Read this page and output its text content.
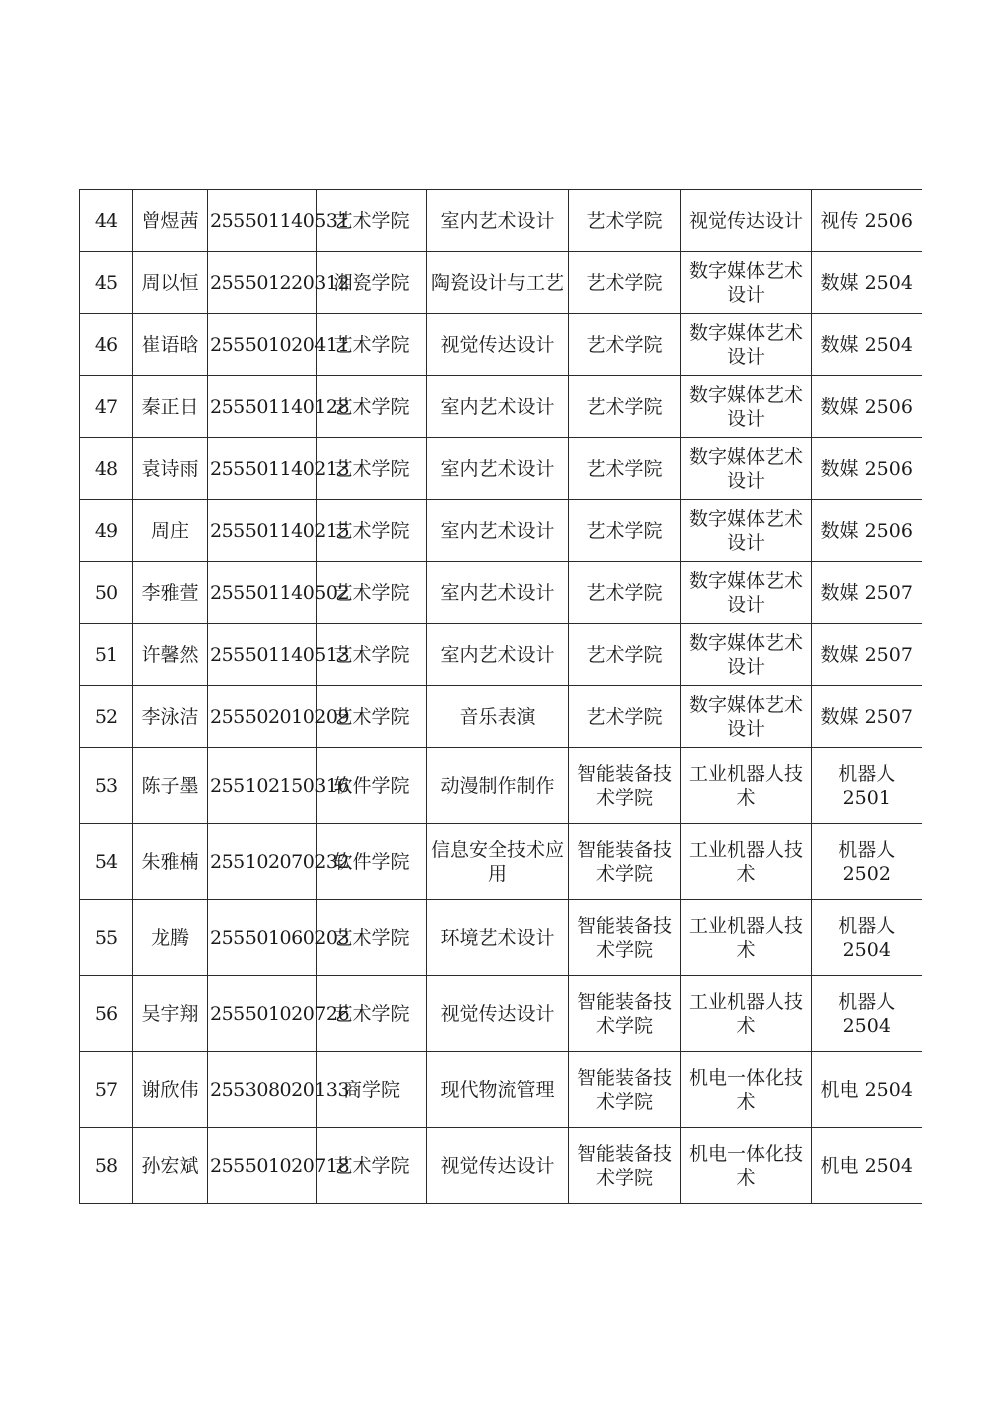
44	曾煜茜	255501140531	艺术学院	室内艺术设计	艺术学院	视觉传达设计	视传 2506
45	周以恒	255501220312	湘瓷学院	陶瓷设计与工艺	艺术学院	数字媒体艺术设计	数媒 2504
46	崔语晗	255501020411	艺术学院	视觉传达设计	艺术学院	数字媒体艺术设计	数媒 2504
47	秦正日	255501140128	艺术学院	室内艺术设计	艺术学院	数字媒体艺术设计	数媒 2506
48	袁诗雨	255501140213	艺术学院	室内艺术设计	艺术学院	数字媒体艺术设计	数媒 2506
49	周庄	255501140215	艺术学院	室内艺术设计	艺术学院	数字媒体艺术设计	数媒 2506
50	李雅萱	255501140502	艺术学院	室内艺术设计	艺术学院	数字媒体艺术设计	数媒 2507
51	许馨然	255501140513	艺术学院	室内艺术设计	艺术学院	数字媒体艺术设计	数媒 2507
52	李泳洁	255502010209	艺术学院	音乐表演	艺术学院	数字媒体艺术设计	数媒 2507
53	陈子墨	255102150316	软件学院	动漫制作制作	智能装备技术学院	工业机器人技术	机器人 2501
54	朱雅楠	255102070232	软件学院	信息安全技术应用	智能装备技术学院	工业机器人技术	机器人 2502
55	龙腾	255501060203	艺术学院	环境艺术设计	智能装备技术学院	工业机器人技术	机器人 2504
56	吴宇翔	255501020726	艺术学院	视觉传达设计	智能装备技术学院	工业机器人技术	机器人 2504
57	谢欣伟	255308020133	商学院	现代物流管理	智能装备技术学院	机电一体化技术	机电 2504
58	孙宏斌	255501020718	艺术学院	视觉传达设计	智能装备技术学院	机电一体化技术	机电 2504
